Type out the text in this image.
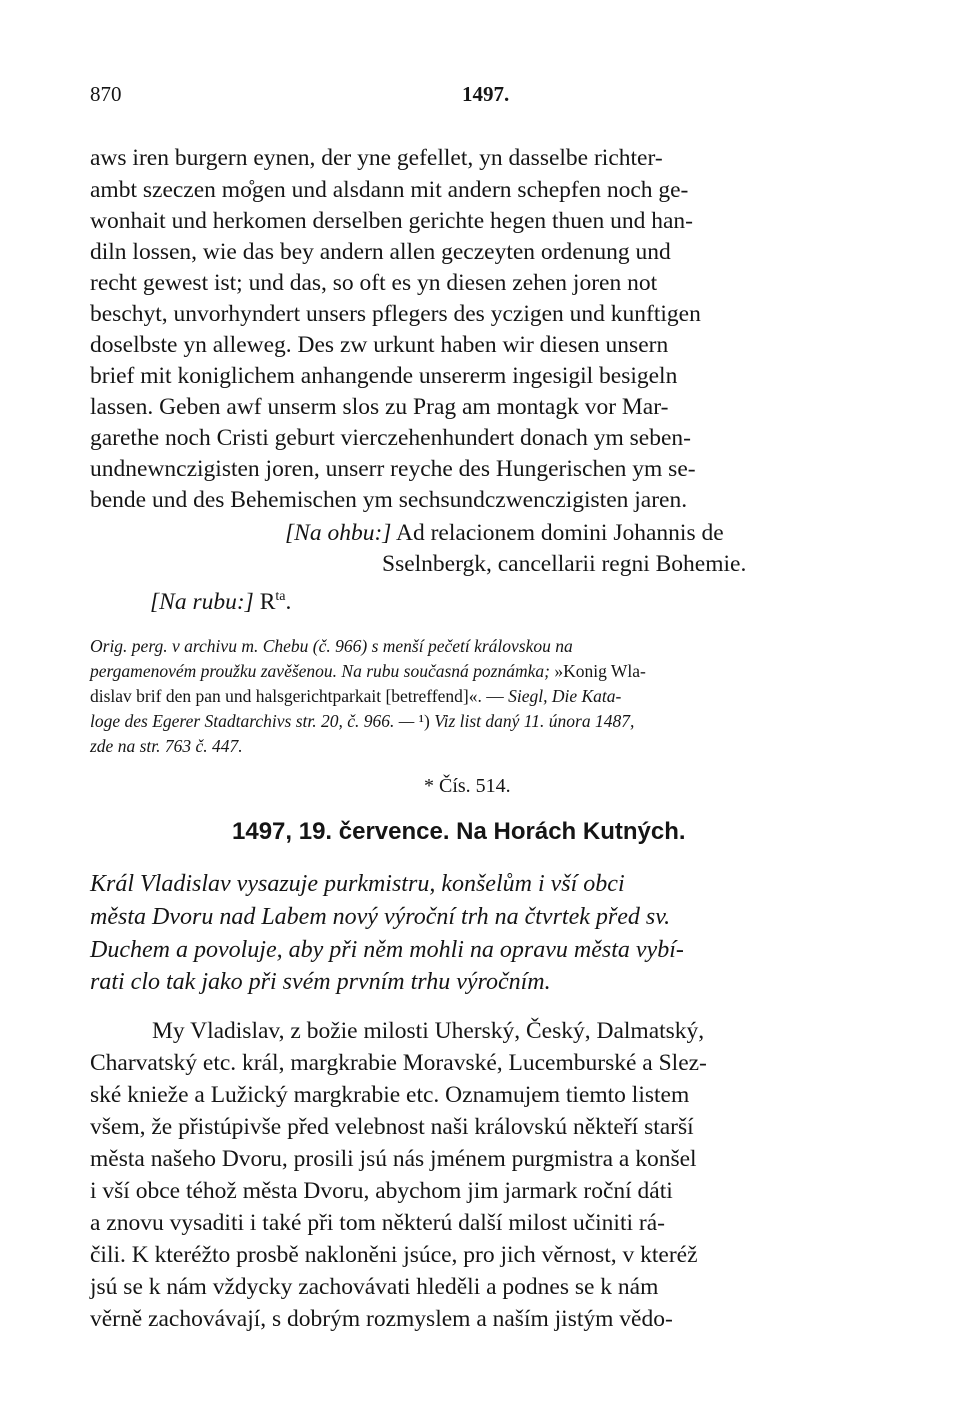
870	1497.
aws iren burgern eynen, der yne gefellet, yn dasselbe richter-
ambt szeczen mo̊gen und alsdann mit andern schepfen noch ge-
wonhait und herkomen derselben gerichte hegen thuen und han-
diln lossen, wie das bey andern allen geczeyten ordenung und
recht gewest ist; und das, so oft es yn diesen zehen joren not
beschyt, unvorhyndert unsers pflegers des yczigen und kunftigen
doselbste yn alleweg. Des zw urkunt haben wir diesen unsern
brief mit koniglichem anhangende unsererm ingesigil besigeln
lassen. Geben awf unserm slos zu Prag am montagk vor Mar-
garethe noch Cristi geburt vierczehenhundert donach ym seben-
undnewnczigisten joren, unserr reyche des Hungerischen ym se-
bende und des Behemischen ym sechsundczwenczigisten jaren.
[Na ohbu:] Ad relacionem domini Johannis de
Sselnbergk, cancellarii regni Bohemie.
[Na rubu:] $R^{ta}$.
Orig. perg. v archivu m. Chebu (č. 966) s menší pečetí královskou na
pergamenovém proužku zavěšenou. Na rubu současná poznámka; »Konig Wla-
dislav brif den pan und halsgerichtparkait [betreffend]«. — Siegl, Die Kata-
loge des Egerer Stadtarchivs str. 20, č. 966. — ¹) Viz list daný 11. února 1487,
zde na str. 763 č. 447.
* Čís. 514.
1497, 19. července. Na Horách Kutných.
Král Vladislav vysazuje purkmistru, konšelům i vší obci
města Dvoru nad Labem nový výroční trh na čtvrtek před sv.
Duchem a povoluje, aby při něm mohli na opravu města vybí-
rati clo tak jako při svém prvním trhu výročním.
My Vladislav, z božie milosti Uherský, Český, Dalmatský,
Charvatský etc. král, margkrabie Moravské, Lucemburské a Slez-
ské knieže a Lužický margkrabie etc. Oznamujem tiemto listem
všem, že přistúpivše před velebnost naši královskú někteří starší
města našeho Dvoru, prosili jsú nás jménem purgmistra a konšel
i vší obce téhož města Dvoru, abychom jim jarmark roční dáti
a znovu vysaditi i také při tom některú další milost učiniti rá-
čili. K kteréžto prosbě nakloněni jsúce, pro jich věrnost, v kteréž
jsú se k nám vždycky zachovávati hleděli a podnes se k nám
věrně zachovávají, s dobrým rozmyslem a naším jistým vědo-
